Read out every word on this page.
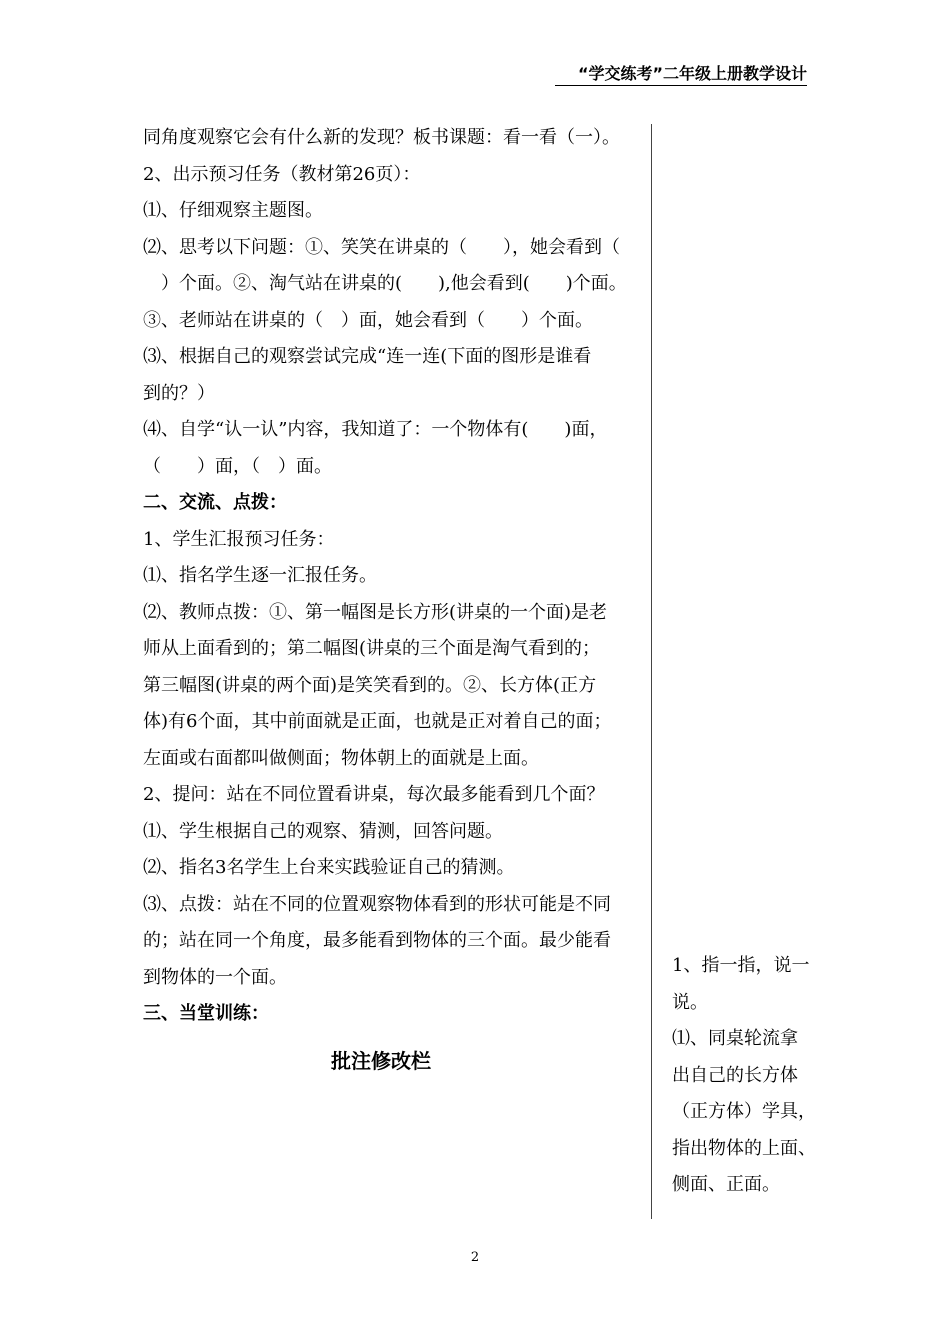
“学交练考”二年级上册教学设计
同角度观察它会有什么新的发现？板书课题：看一看（一）。
2、出示预习任务（教材第26页）：
⑴、仔细观察主题图。
⑵、思考以下问题：①、笑笑在讲桌的（　　），她会看到（
　）个面。②、淘气站在讲桌的(　　),他会看到(　　)个面。
③、老师站在讲桌的（　）面，她会看到（　　）个面。
⑶、根据自己的观察尝试完成“连一连(下面的图形是谁看
到的？）
⑷、自学“认一认”内容，我知道了：一个物体有(　　)面，
（　　）面，（　）面。
二、交流、点拨：
1、学生汇报预习任务：
⑴、指名学生逐一汇报任务。
⑵、教师点拨：①、第一幅图是长方形(讲桌的一个面)是老
师从上面看到的；第二幅图(讲桌的三个面是淘气看到的；
第三幅图(讲桌的两个面)是笑笑看到的。②、长方体(正方
体)有6个面，其中前面就是正面，也就是正对着自己的面；
左面或右面都叫做侧面；物体朝上的面就是上面。
2、提问：站在不同位置看讲桌，每次最多能看到几个面？
⑴、学生根据自己的观察、猜测，回答问题。
⑵、指名3名学生上台来实践验证自己的猜测。
⑶、点拨：站在不同的位置观察物体看到的形状可能是不同
的；站在同一个角度，最多能看到物体的三个面。最少能看
到物体的一个面。
三、当堂训练：
批注修改栏
1、指一指，说一
说。
⑴、同桌轮流拿
出自己的长方体
（正方体）学具，
指出物体的上面、
侧面、正面。
2
